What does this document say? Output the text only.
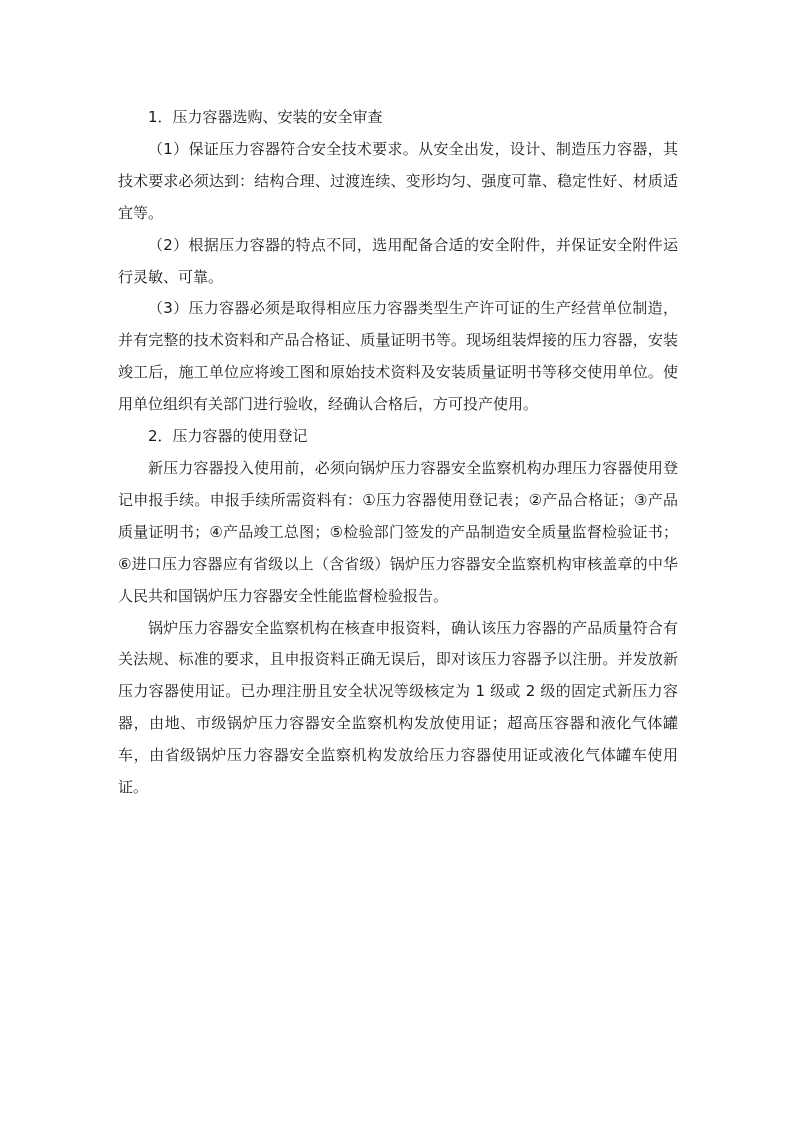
1．压力容器选购、安装的安全审查

（1）保证压力容器符合安全技术要求。从安全出发，设计、制造压力容器，其技术要求必须达到：结构合理、过渡连续、变形均匀、强度可靠、稳定性好、材质适宜等。

（2）根据压力容器的特点不同，选用配备合适的安全附件，并保证安全附件运行灵敏、可靠。

（3）压力容器必须是取得相应压力容器类型生产许可证的生产经营单位制造，并有完整的技术资料和产品合格证、质量证明书等。现场组装焊接的压力容器，安装竣工后，施工单位应将竣工图和原始技术资料及安装质量证明书等移交使用单位。使用单位组织有关部门进行验收，经确认合格后，方可投产使用。

2．压力容器的使用登记

新压力容器投入使用前，必须向锅炉压力容器安全监察机构办理压力容器使用登记申报手续。申报手续所需资料有：①压力容器使用登记表；②产品合格证；③产品质量证明书；④产品竣工总图；⑤检验部门签发的产品制造安全质量监督检验证书；⑥进口压力容器应有省级以上（含省级）锅炉压力容器安全监察机构审核盖章的中华人民共和国锅炉压力容器安全性能监督检验报告。

锅炉压力容器安全监察机构在核查申报资料，确认该压力容器的产品质量符合有关法规、标准的要求，且申报资料正确无误后，即对该压力容器予以注册。并发放新压力容器使用证。已办理注册且安全状况等级核定为 1 级或 2 级的固定式新压力容器，由地、市级锅炉压力容器安全监察机构发放使用证；超高压容器和液化气体罐车，由省级锅炉压力容器安全监察机构发放给压力容器使用证或液化气体罐车使用证。
